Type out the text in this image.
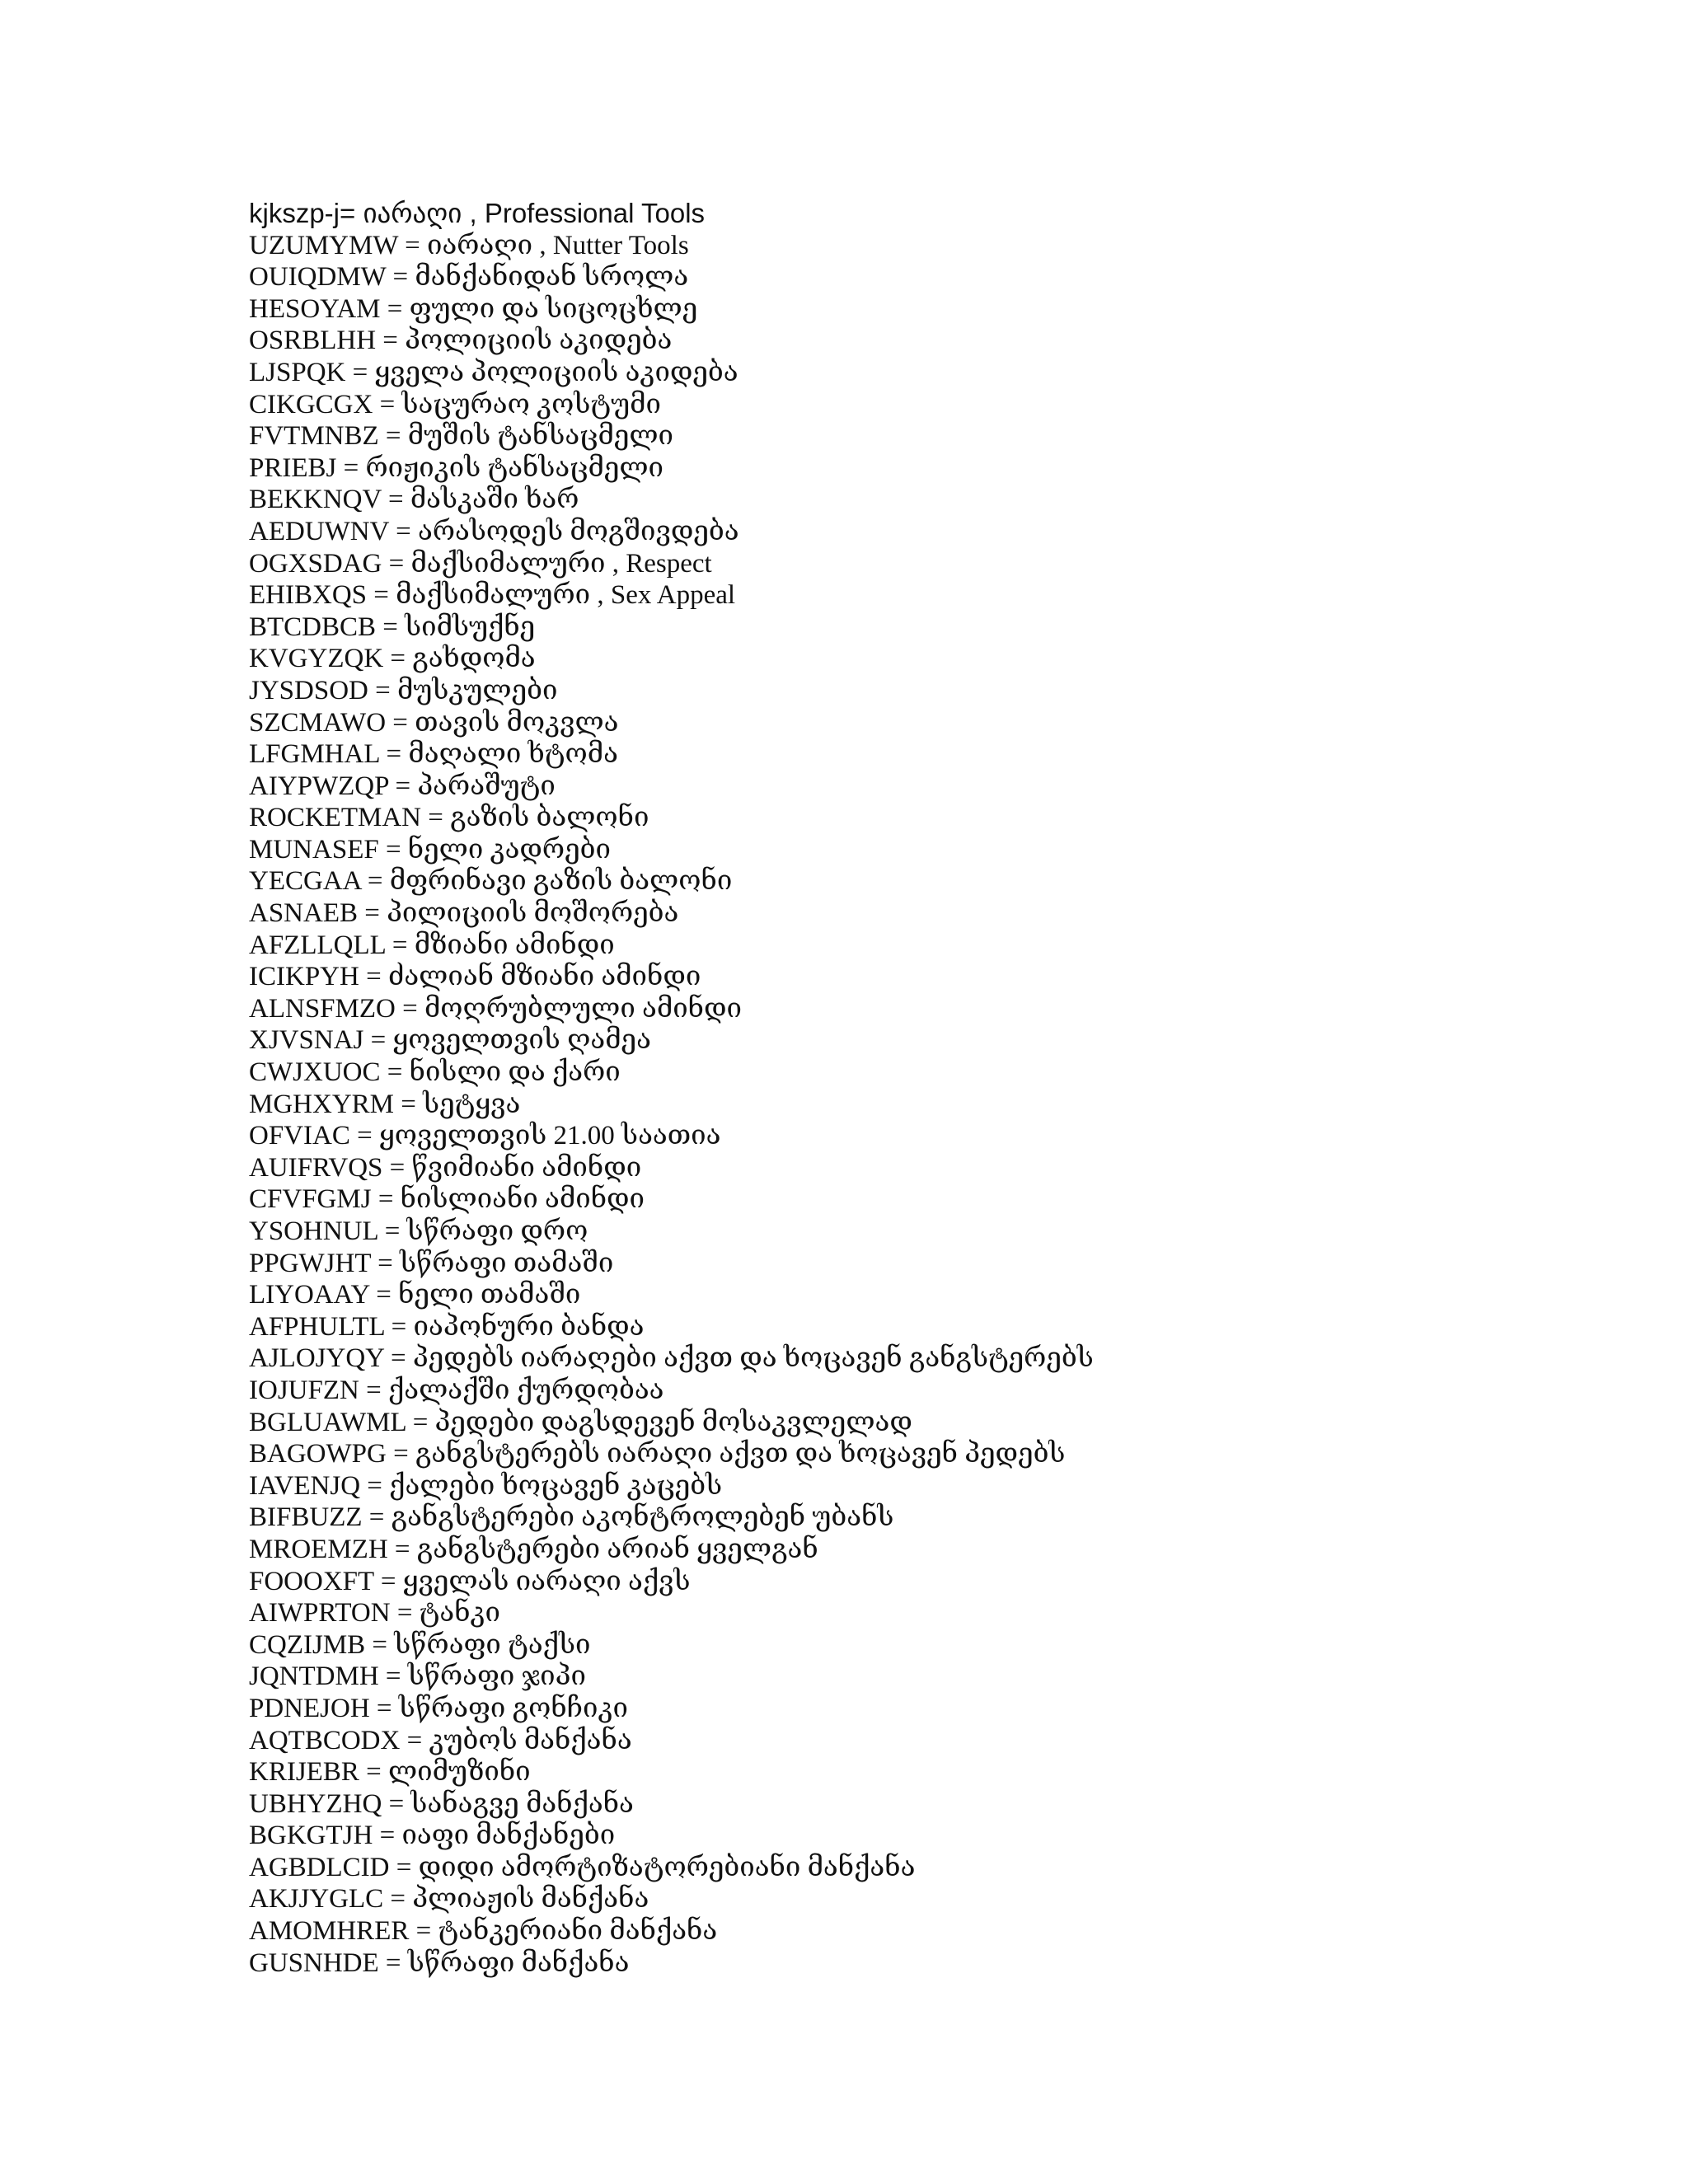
kjkszp-j= იარაღი , Professional Tools
UZUMYMW = იარაღი , Nutter Tools
OUIQDMW = მანქანიდან სროლა
HESOYAM = ფული და სიცოცხლე
OSRBLHH = პოლიციის აკიდება
LJSPQK = ყველა პოლიციის აკიდება
CIKGCGX = საცურაო კოსტუმი
FVTMNBZ = მუშის ტანსაცმელი
PRIEBJ = რიჟიკის ტანსაცმელი
BEKKNQV = მასკაში ხარ
AEDUWNV = არასოდეს მოგშივდება
OGXSDAG = მაქსიმალური , Respect
EHIBXQS = მაქსიმალური , Sex Appeal
BTCDBCB = სიმსუქნე
KVGYZQK = გახდომა
JYSDSOD = მუსკულები
SZCMAWO = თავის მოკვლა
LFGMHAL = მაღალი ხტომა
AIYPWZQP = პარაშუტი
ROCKETMAN = გაზის ბალონი
MUNASEF = ნელი კადრები
YECGAA = მფრინავი გაზის ბალონი
ASNAEB = პილიციის მოშორება
AFZLLQLL = მზიანი ამინდი
ICIKPYH = ძალიან მზიანი ამინდი
ALNSFMZO = მოღრუბლული ამინდი
XJVSNAJ = ყოველთვის ღამეა
CWJXUOC = ნისლი და ქარი
MGHXYRM = სეტყვა
OFVIAC = ყოველთვის 21.00 საათია
AUIFRVQS = წვიმიანი ამინდი
CFVFGMJ = ნისლიანი ამინდი
YSOHNUL = სწრაფი დრო
PPGWJHT = სწრაფი თამაში
LIYOAAY = ნელი თამაში
AFPHULTL = იაპონური ბანდა
AJLOJYQY = პედებს იარაღები აქვთ და ხოცავენ განგსტერებს
IOJUFZN = ქალაქში ქურდობაა
BGLUAWML = პედები დაგსდევენ მოსაკვლელად
BAGOWPG = განგსტერებს იარაღი აქვთ და ხოცავენ პედებს
IAVENJQ = ქალები ხოცავენ კაცებს
BIFBUZZ = განგსტერები აკონტროლებენ უბანს
MROEMZH = განგსტერები არიან ყველგან
FOOOXFT = ყველას იარაღი აქვს
AIWPRTON = ტანკი
CQZIJMB = სწრაფი ტაქსი
JQNTDMH = სწრაფი ჯიპი
PDNEJOH = სწრაფი გონჩიკი
AQTBCODX = კუბოს მანქანა
KRIJEBR = ლიმუზინი
UBHYZHQ = სანაგვე მანქანა
BGKGTJH = იაფი მანქანები
AGBDLCID = დიდი ამორტიზატორებიანი მანქანა
AKJJYGLC = პლიაჟის მანქანა
AMOMHRER = ტანკერიანი მანქანა
GUSNHDE = სწრაფი მანქანა
